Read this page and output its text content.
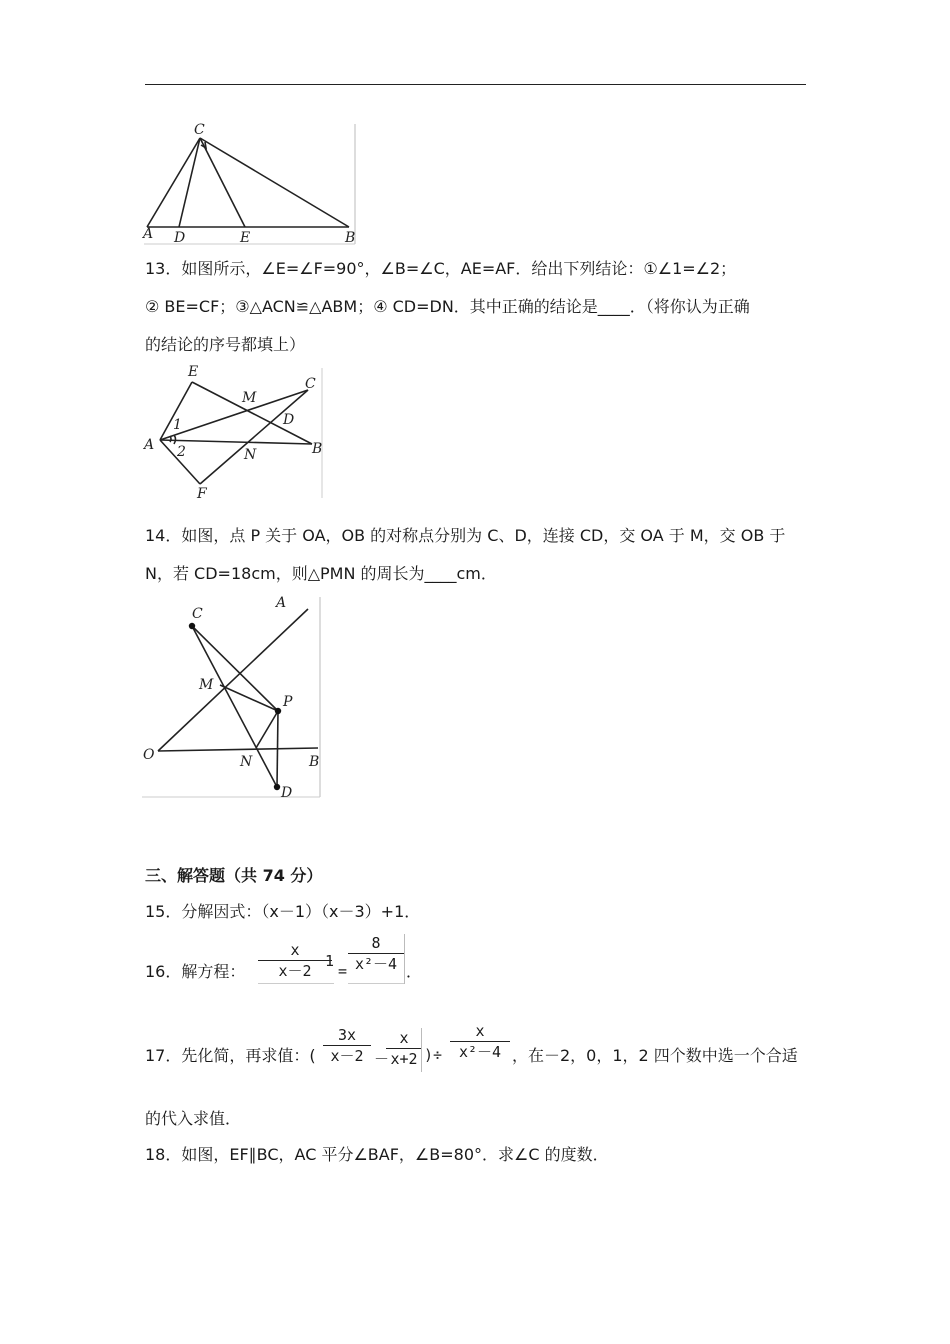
C
A D	E	B
13．如图所示，∠E=∠F=90°，∠B=∠C，AE=AF．给出下列结论：①∠1=∠2；
② BE=CF；③△ACN≌△ABM；④ CD=DN．其中正确的结论是____．（将你认为正确
的结论的序号都填上）
E
M
C
D
A
1
2	N	B
F
14．如图，点 P 关于 OA，OB 的对称点分别为 C、D，连接 CD，交 OA 于 M，交 OB 于
N，若 CD=18cm，则△PMN 的周长为____cm．
A
C
M
P
O	N	B
D
三、解答题（共 74 分）
15．分解因式：（x－1）（x－3）+1．
16．解方程：
x
x－2
－1
=
8
x²－4 ．
17．先化简，再求值：(
3x
x－2 －
x
x+2 )÷
x
x²－4 ，在－2，0，1，2 四个数中选一个合适
的代入求值．
18．如图，EF∥BC，AC 平分∠BAF，∠B=80°．求∠C 的度数．
